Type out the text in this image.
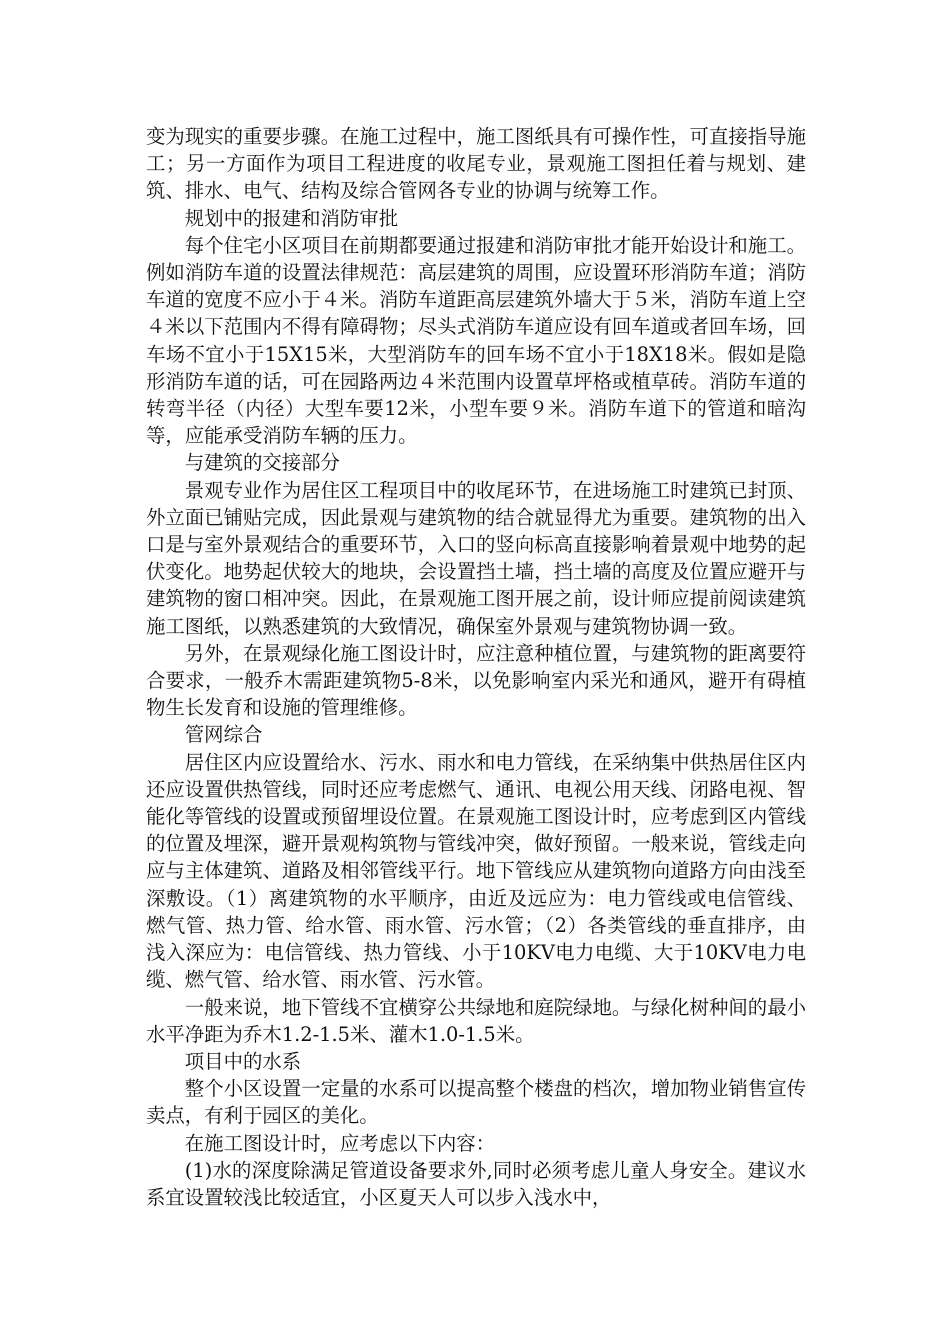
变为现实的重要步骤。在施工过程中，施工图纸具有可操作性，可直接指导施工；另一方面作为项目工程进度的收尾专业，景观施工图担任着与规划、建筑、排水、电气、结构及综合管网各专业的协调与统筹工作。

规划中的报建和消防审批

每个住宅小区项目在前期都要通过报建和消防审批才能开始设计和施工。例如消防车道的设置法律规范：高层建筑的周围，应设置环形消防车道；消防车道的宽度不应小于４米。消防车道距高层建筑外墙大于５米，消防车道上空４米以下范围内不得有障碍物；尽头式消防车道应设有回车道或者回车场，回车场不宜小于15X15米，大型消防车的回车场不宜小于18X18米。假如是隐形消防车道的话，可在园路两边４米范围内设置草坪格或植草砖。消防车道的转弯半径（内径）大型车要12米，小型车要９米。消防车道下的管道和暗沟等，应能承受消防车辆的压力。

与建筑的交接部分

景观专业作为居住区工程项目中的收尾环节，在进场施工时建筑已封顶、外立面已铺贴完成，因此景观与建筑物的结合就显得尤为重要。建筑物的出入口是与室外景观结合的重要环节，入口的竖向标高直接影响着景观中地势的起伏变化。地势起伏较大的地块，会设置挡土墙，挡土墙的高度及位置应避开与建筑物的窗口相冲突。因此，在景观施工图开展之前，设计师应提前阅读建筑施工图纸，以熟悉建筑的大致情况，确保室外景观与建筑物协调一致。

另外，在景观绿化施工图设计时，应注意种植位置，与建筑物的距离要符合要求，一般乔木需距建筑物5-8米，以免影响室内采光和通风，避开有碍植物生长发育和设施的管理维修。

管网综合

居住区内应设置给水、污水、雨水和电力管线，在采纳集中供热居住区内还应设置供热管线，同时还应考虑燃气、通讯、电视公用天线、闭路电视、智能化等管线的设置或预留埋设位置。在景观施工图设计时，应考虑到区内管线的位置及埋深，避开景观构筑物与管线冲突，做好预留。一般来说，管线走向应与主体建筑、道路及相邻管线平行。地下管线应从建筑物向道路方向由浅至深敷设。（1）离建筑物的水平顺序，由近及远应为：电力管线或电信管线、燃气管、热力管、给水管、雨水管、污水管；（2）各类管线的垂直排序，由浅入深应为：电信管线、热力管线、小于10KV电力电缆、大于10KV电力电缆、燃气管、给水管、雨水管、污水管。

一般来说，地下管线不宜横穿公共绿地和庭院绿地。与绿化树种间的最小水平净距为乔木1.2-1.5米、灌木1.0-1.5米。

项目中的水系

整个小区设置一定量的水系可以提高整个楼盘的档次，增加物业销售宣传卖点，有利于园区的美化。

在施工图设计时，应考虑以下内容：

(1)水的深度除满足管道设备要求外,同时必须考虑儿童人身安全。建议水系宜设置较浅比较适宜，小区夏天人可以步入浅水中，
